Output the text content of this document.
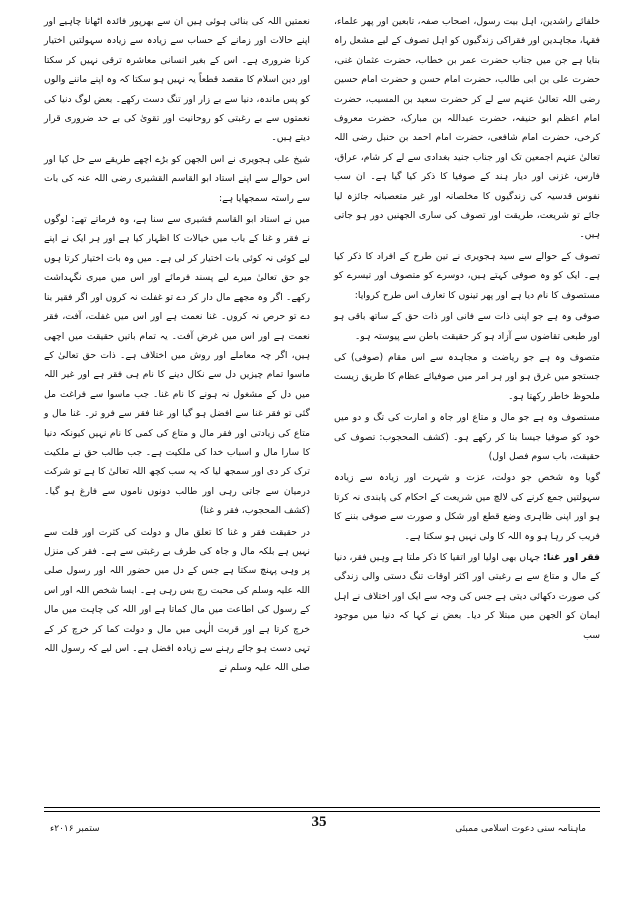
خلفائے راشدین، اہل بیت رسول، اصحاب صفہ، تابعین اور پھر علماء، فقہا، مجاہدین اور فقراکی زندگیوں کو اہل تصوف کے لیے مشعل راہ بنایا ہے جن میں جناب حضرت عمر بن خطاب، حضرت عثمان غنی، حضرت علی بن ابی طالب، حضرت امام حسن و حضرت امام حسین رضی اللہ تعالیٰ عنہم سے لے کر حضرت سعید بن المسیب، حضرت امام اعظم ابو حنیفہ، حضرت عبداللہ بن مبارک، حضرت معروف کرخی، حضرت امام شافعی، حضرت امام احمد بن حنبل رضی اللہ تعالیٰ عنہم اجمعین تک اور جناب جنید بغدادی سے لے کر شام، عراق، فارس، غزنی اور دیار ہند کے صوفیا کا ذکر کیا گیا ہے۔ ان سب نفوس قدسیہ کی زندگیوں کا مخلصانہ اور غیر متعصبانہ جائزہ لیا جائے تو شریعت، طریقت اور تصوف کی ساری الجھنیں دور ہو جاتی ہیں۔

تصوف کے حوالے سے سید ہجویری نے تین طرح کے افراد کا ذکر کیا ہے۔ ایک کو وہ صوفی کہتے ہیں، دوسرے کو متصوف اور تیسرے کو مستصوف کا نام دیا ہے اور پھر تینوں کا تعارف اس طرح کروایا:

صوفی وہ ہے جو اپنی ذات سے فانی اور ذات حق کے ساتھ باقی ہو اور طبعی تقاضوں سے آزاد ہو کر حقیقت باطن سے پیوستہ ہو۔

متصوف وہ ہے جو ریاضت و مجاہدہ سے اس مقام (صوفی) کی جستجو میں غرق ہو اور ہر امر میں صوفیائے عظام کا طریق زیست ملحوظ خاطر رکھتا ہو۔

مستصوف وہ ہے جو مال و متاع اور جاہ و امارت کی تگ و دو میں خود کو صوفیا جیسا بنا کر رکھے ہو۔ (کشف المحجوب: تصوف کی حقیقت، باب سوم فصل اول)

گویا وہ شخص جو دولت، عزت و شہرت اور زیادہ سے زیادہ سہولتیں جمع کرنے کی لالچ میں شریعت کے احکام کی پابندی نہ کرتا ہو اور اپنی ظاہری وضع قطع اور شکل و صورت سے صوفی بننے کا فریب کر رہا ہو وہ اللہ کا ولی نہیں ہو سکتا ہے۔

فقر اور غنا: جہاں بھی اولیا اور اتقیا کا ذکر ملتا ہے وہیں فقر، دنیا کے مال و متاع سے بے رغبتی اور اکثر اوقات تنگ دستی والی زندگی کی صورت دکھائی دیتی ہے جس کی وجہ سے ایک اور اختلاف نے اہل ایمان کو الجھن میں مبتلا کر دیا۔ بعض نے کہا کہ دنیا میں موجود سب

نعمتیں اللہ کی بنائی ہوئی ہیں ان سے بھرپور فائدہ اٹھانا چاہیے اور اپنے حالات اور زمانے کے حساب سے زیادہ سے زیادہ سہولتیں اختیار کرنا ضروری ہے۔ اس کے بغیر انسانی معاشرہ ترقی نہیں کر سکتا اور دین اسلام کا مقصد قطعاً یہ نہیں ہو سکتا کہ وہ اپنے ماننے والوں کو پس ماندہ، دنیا سے بے زار اور تنگ دست رکھے۔ بعض لوگ دنیا کی نعمتوں سے بے رغبتی کو روحانیت اور تقویٰ کی بے حد ضروری قرار دیتے ہیں۔

شیخ علی ہجویری نے اس الجھن کو بڑے اچھے طریقے سے حل کیا اور اس حوالے سے اپنے استاد ابو القاسم القشیری رضی اللہ عنہ کی بات سے راستہ سمجھایا ہے:

میں نے استاد ابو القاسم قشیری سے سنا ہے، وہ فرماتے تھے: لوگوں نے فقر و غنا کے باب میں خیالات کا اظہار کیا ہے اور ہر ایک نے اپنے لیے کوئی نہ کوئی بات اختیار کر لی ہے۔ میں وہ بات اختیار کرتا ہوں جو حق تعالیٰ میرے لیے پسند فرمائے اور اس میں میری نگہداشت رکھے۔ اگر وہ مجھے مال دار کر دے تو غفلت نہ کروں اور اگر فقیر بنا دے تو حرص نہ کروں۔ غنا نعمت ہے اور اس میں غفلت، آفت، فقر نعمت ہے اور اس میں غرض آفت۔ یہ تمام باتیں حقیقت میں اچھی ہیں، اگر چہ معاملے اور روش میں اختلاف ہے۔ ذات حق تعالیٰ کے ماسوا تمام چیزیں دل سے نکال دینے کا نام ہی فقر ہے اور غیر اللہ میں دل کے مشغول نہ ہونے کا نام غنا۔ جب ماسوا سے فراغت مل گئی تو فقر غنا سے افضل ہو گیا اور غنا فقر سے فرو تر۔ غنا مال و متاع کی زیادتی اور فقر مال و متاع کی کمی کا نام نہیں کیونکہ دنیا کا سارا مال و اسباب خدا کی ملکیت ہے۔ جب طالب حق نے ملکیت ترک کر دی اور سمجھ لیا کہ یہ سب کچھ اللہ تعالیٰ کا ہے تو شرکت درمیان سے جاتی رہی اور طالب دونوں ناموں سے فارغ ہو گیا۔ (کشف المحجوب، فقر و غنا)

در حقیقت فقر و غنا کا تعلق مال و دولت کی کثرت اور قلت سے نہیں ہے بلکہ مال و جاہ کی طرف بے رغبتی سے ہے۔ فقر کی منزل پر وہی پہنچ سکتا ہے جس کے دل میں حضور اللہ اور رسول صلی اللہ علیہ وسلم کی محبت رچ بس رہی ہے۔ ایسا شخص اللہ اور اس کے رسول کی اطاعت میں مال کماتا ہے اور اللہ کی چاہت میں مال خرچ کرتا ہے اور قربت الٰہی میں مال و دولت کما کر خرچ کر کے تہی دست ہو جائے رہنے سے زیادہ افضل ہے۔ اس لیے کہ رسول اللہ صلی اللہ علیہ وسلم نے

35	ماہنامہ سنی دعوت اسلامی ممبئی
ستمبر ۲۰۱۶ء
